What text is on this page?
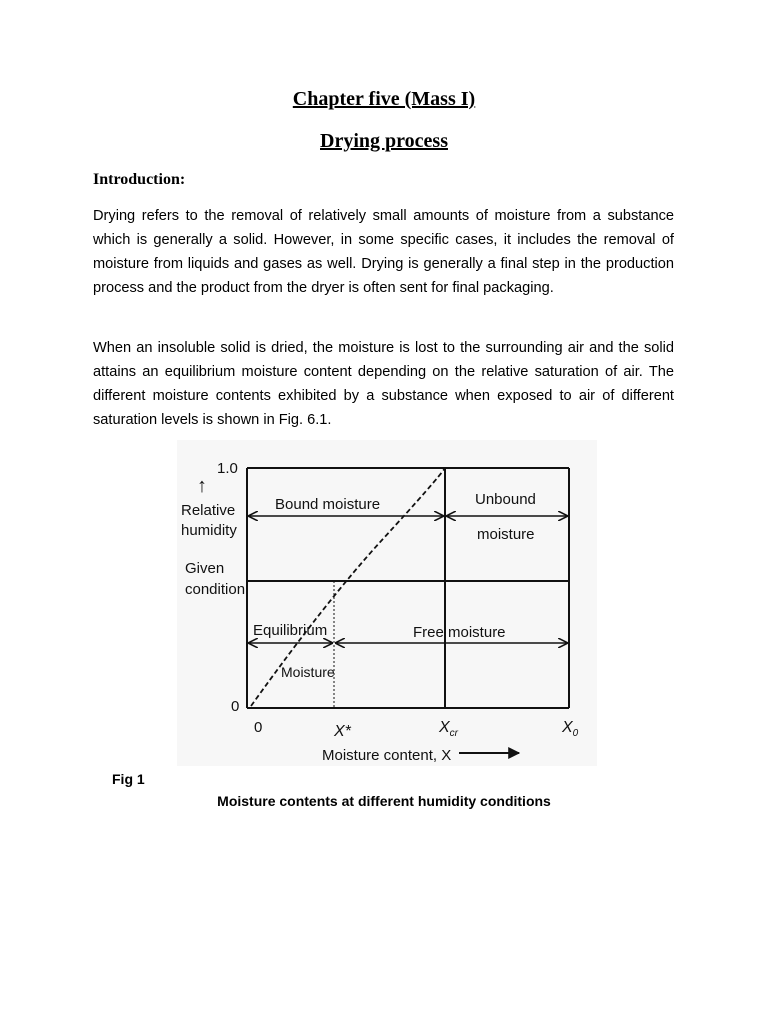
Chapter five (Mass I)
Drying process
Introduction:
Drying refers to the removal of relatively small amounts of moisture from a substance which is generally a solid. However, in some specific cases, it includes the removal of moisture from liquids and gases as well. Drying is generally a final step in the production process and the product from the dryer is often sent for final packaging.
When an insoluble solid is dried, the moisture is lost to the surrounding air and the solid attains an equilibrium moisture content depending on the relative saturation of air. The different moisture contents exhibited by a substance when exposed to air of different saturation levels is shown in Fig. 6.1.
1.0
0
↑
Relative
humidity
Given
condition
Bound moisture	Unbound
moisture
Equilibrium
Moisture
Free moisture
0	X*	$X_{cr}$	$X_0$
Moisture content, X
Fig 1
Moisture contents at different humidity conditions
